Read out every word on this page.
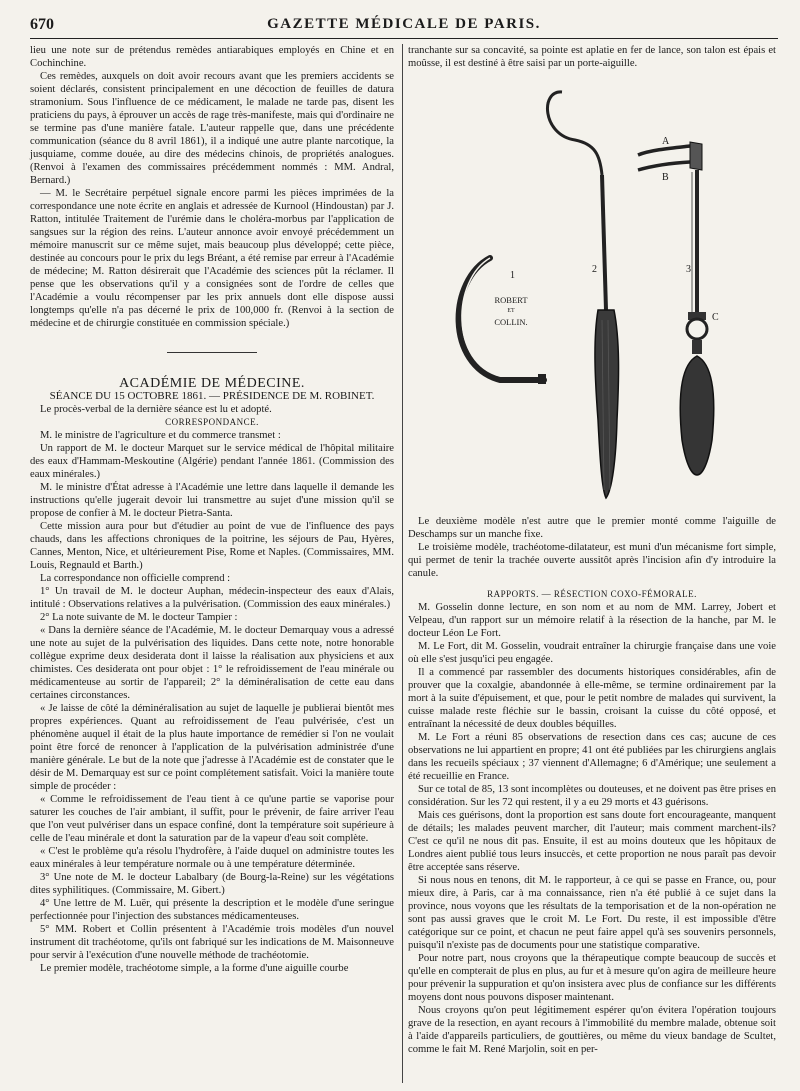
670	GAZETTE MÉDICALE DE PARIS.

lieu une note sur de prétendus remèdes antiarabiques employés en Chine et en Cochinchine.

Ces remèdes, auxquels on doit avoir recours avant que les premiers accidents se soient déclarés, consistent principalement en une décoction de feuilles de datura stramonium. Sous l'influence de ce médicament, le malade ne tarde pas, disent les praticiens du pays, à éprouver un accès de rage très-manifeste, mais qui d'ordinaire ne se termine pas d'une manière fatale. L'auteur rappelle que, dans une précédente communication (séance du 8 avril 1861), il a indiqué une autre plante narcotique, la jusquiame, comme douée, au dire des médecins chinois, de propriétés analogues. (Renvoi à l'examen des commissaires précédemment nommés : MM. Andral, Bernard.)

— M. le Secrétaire perpétuel signale encore parmi les pièces imprimées de la correspondance une note écrite en anglais et adressée de Kurnool (Hindoustan) par J. Ratton, intitulée Traitement de l'urémie dans le choléra-morbus par l'application de sangsues sur la région des reins. L'auteur annonce avoir envoyé précédemment un mémoire manuscrit sur ce même sujet, mais beaucoup plus développé; cette pièce, destinée au concours pour le prix du legs Bréant, a été remise par erreur à l'Académie de médecine; M. Ratton désirerait que l'Académie des sciences pût la réclamer. Il pense que les observations qu'il y a consignées sont de l'ordre de celles que l'Académie a voulu récompenser par les prix annuels dont elle dispose aussi longtemps qu'elle n'a pas décerné le prix de 100,000 fr. (Renvoi à la section de médecine et de chirurgie constituée en commission spéciale.)

ACADÉMIE DE MÉDECINE.

SÉANCE DU 15 OCTOBRE 1861. — PRÉSIDENCE DE M. ROBINET.

Le procès-verbal de la dernière séance est lu et adopté.

CORRESPONDANCE.

M. le ministre de l'agriculture et du commerce transmet :

Un rapport de M. le docteur Marquet sur le service médical de l'hôpital militaire des eaux d'Hammam-Meskoutine (Algérie) pendant l'année 1861. (Commission des eaux minérales.)

M. le ministre d'État adresse à l'Académie une lettre dans laquelle il demande les instructions qu'elle jugerait devoir lui transmettre au sujet d'une mission qu'il se propose de confier à M. le docteur Pietra-Santa.

Cette mission aura pour but d'étudier au point de vue de l'influence des pays chauds, dans les affections chroniques de la poitrine, les séjours de Pau, Hyères, Cannes, Menton, Nice, et ultérieurement Pise, Rome et Naples. (Commissaires, MM. Louis, Regnauld et Barth.)

La correspondance non officielle comprend :

1° Un travail de M. le docteur Auphan, médecin-inspecteur des eaux d'Alais, intitulé : Observations relatives a la pulvérisation. (Commission des eaux minérales.)

2° La note suivante de M. le docteur Tampier :

« Dans la dernière séance de l'Académie, M. le docteur Demarquay vous a adressé une note au sujet de la pulvérisation des liquides. Dans cette note, notre honorable collègue exprime deux desiderata dont il laisse la réalisation aux physiciens et aux chimistes. Ces desiderata ont pour objet : 1° le refroidissement de l'eau minérale ou médicamenteuse au sortir de l'appareil; 2° la déminéralisation de cette eau dans certaines circonstances.

« Je laisse de côté la déminéralisation au sujet de laquelle je publierai bientôt mes propres expériences. Quant au refroidissement de l'eau pulvérisée, c'est un phénomène auquel il était de la plus haute importance de remédier si l'on ne voulait point être forcé de renoncer à l'application de la pulvérisation administrée d'une manière générale. Le but de la note que j'adresse à l'Académie est de constater que le désir de M. Demarquay est sur ce point complétement satisfait. Voici la manière toute simple de procéder :

« Comme le refroidissement de l'eau tient à ce qu'une partie se vaporise pour saturer les couches de l'air ambiant, il suffit, pour le prévenir, de faire arriver l'eau que l'on veut pulvériser dans un espace confiné, dont la température soit supérieure à celle de l'eau minérale et dont la saturation par de la vapeur d'eau soit complète.

« C'est le problème qu'a résolu l'hydrofère, à l'aide duquel on administre toutes les eaux minérales à leur température normale ou à une température déterminée.

3° Une note de M. le docteur Labalbary (de Bourg-la-Reine) sur les végétations dites syphilitiques. (Commissaire, M. Gibert.)

4° Une lettre de M. Luër, qui présente la description et le modèle d'une seringue perfectionnée pour l'injection des substances médicamenteuses.

5° MM. Robert et Collin présentent à l'Académie trois modèles d'un nouvel instrument dit trachéotome, qu'ils ont fabriqué sur les indications de M. Maisonneuve pour servir à l'exécution d'une nouvelle méthode de trachéotomie.

Le premier modèle, trachéotome simple, a la forme d'une aiguille courbe

tranchante sur sa concavité, sa pointe est aplatie en fer de lance, son talon est épais et moûsse, il est destiné à être saisi par un porte-aiguille.

1
2	3
A
B
C
ROBERT
ET
COLLIN.

Le deuxième modèle n'est autre que le premier monté comme l'aiguille de Deschamps sur un manche fixe.

Le troisième modèle, trachéotome-dilatateur, est muni d'un mécanisme fort simple, qui permet de tenir la trachée ouverte aussitôt après l'incision afin d'y introduire la canule.

RAPPORTS. — RÉSECTION COXO-FÉMORALE.

M. Gosselin donne lecture, en son nom et au nom de MM. Larrey, Jobert et Velpeau, d'un rapport sur un mémoire relatif à la résection de la hanche, par M. le docteur Léon Le Fort.

M. Le Fort, dit M. Gosselin, voudrait entraîner la chirurgie française dans une voie où elle s'est jusqu'ici peu engagée.

Il a commencé par rassembler des documents historiques considérables, afin de prouver que la coxalgie, abandonnée à elle-même, se termine ordinairement par la mort à la suite d'épuisement, et que, pour le petit nombre de malades qui survivent, la cuisse malade reste fléchie sur le bassin, croisant la cuisse du côté opposé, et entraînant la nécessité de deux doubles béquilles.

M. Le Fort a réuni 85 observations de resection dans ces cas; aucune de ces observations ne lui appartient en propre; 41 ont été publiées par les chirurgiens anglais dans les recueils spéciaux ; 37 viennent d'Allemagne; 6 d'Amérique; une seulement a été recueillie en France.

Sur ce total de 85, 13 sont incomplètes ou douteuses, et ne doivent pas être prises en considération. Sur les 72 qui restent, il y a eu 29 morts et 43 guérisons.

Mais ces guérisons, dont la proportion est sans doute fort encourageante, manquent de détails; les malades peuvent marcher, dit l'auteur; mais comment marchent-ils? C'est ce qu'il ne nous dit pas. Ensuite, il est au moins douteux que les hôpitaux de Londres aient publié tous leurs insuccès, et cette proportion ne nous paraît pas devoir être acceptée sans réserve.

Si nous nous en tenons, dit M. le rapporteur, à ce qui se passe en France, ou, pour mieux dire, à Paris, car à ma connaissance, rien n'a été publié à ce sujet dans la province, nous voyons que les résultats de la temporisation et de la non-opération ne sont pas aussi graves que le croit M. Le Fort. Du reste, il est impossible d'être catégorique sur ce point, et chacun ne peut faire appel qu'à ses souvenirs personnels, puisqu'il n'existe pas de documents pour une statistique comparative.

Pour notre part, nous croyons que la thérapeutique compte beaucoup de succès et qu'elle en compterait de plus en plus, au fur et à mesure qu'on agira de meilleure heure pour prévenir la suppuration et qu'on insistera avec plus de confiance sur les différents moyens dont nous pouvons disposer maintenant.

Nous croyons qu'on peut légitimement espérer qu'on évitera l'opération toujours grave de la resection, en ayant recours à l'immobilité du membre malade, obtenue soit à l'aide d'appareils particuliers, de gouttières, ou même du vieux bandage de Scultet, comme le fait M. René Marjolin, soit en per-
